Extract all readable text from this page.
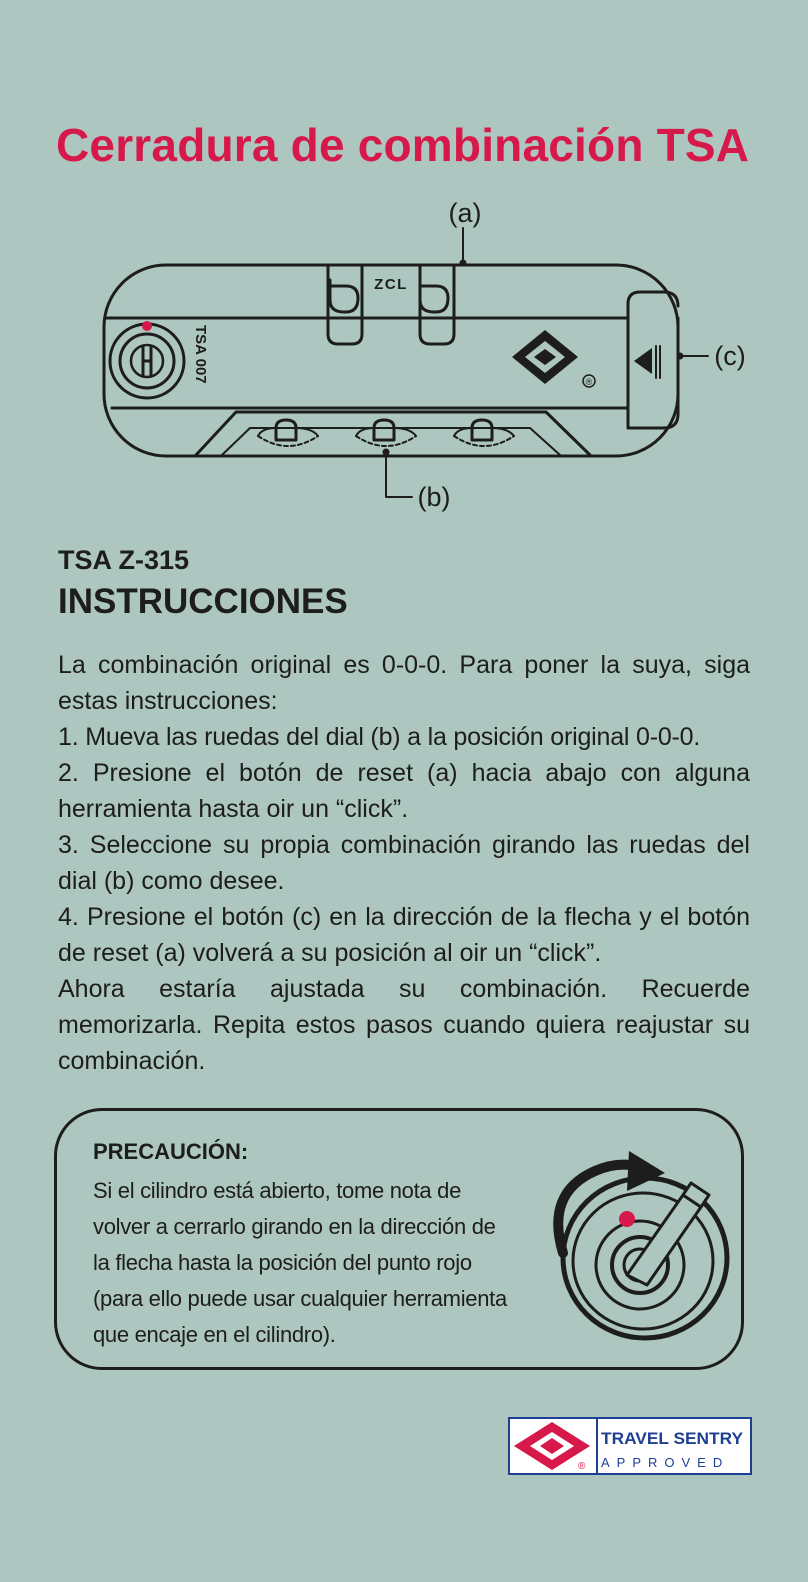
Cerradura de combinación TSA
®
ZCL
TSA 007
(a)
(b)
(c)
TSA Z-315
INSTRUCCIONES

La combinación original es 0-0-0. Para poner la suya, siga estas instrucciones:

1. Mueva las ruedas del dial (b) a la posición original 0-0-0.

2. Presione el botón de reset (a) hacia abajo con alguna herramienta hasta oir un “click”.

3. Seleccione su propia combinación girando las ruedas del dial (b) como desee.

4. Presione el botón (c) en la dirección de la flecha y el botón de reset (a) volverá a su posición al oir un “click”.

Ahora estaría ajustada su combinación. Recuerde memorizarla. Repita estos pasos cuando quiera reajustar su combinación.

PRECAUCIÓN:

Si el cilindro está abierto, tome nota de volver a cerrarlo girando en la dirección de la flecha hasta la posición del punto rojo (para ello puede usar cualquier herramienta que encaje en el cilindro).

®
TRAVEL SENTRY
APPROVED
